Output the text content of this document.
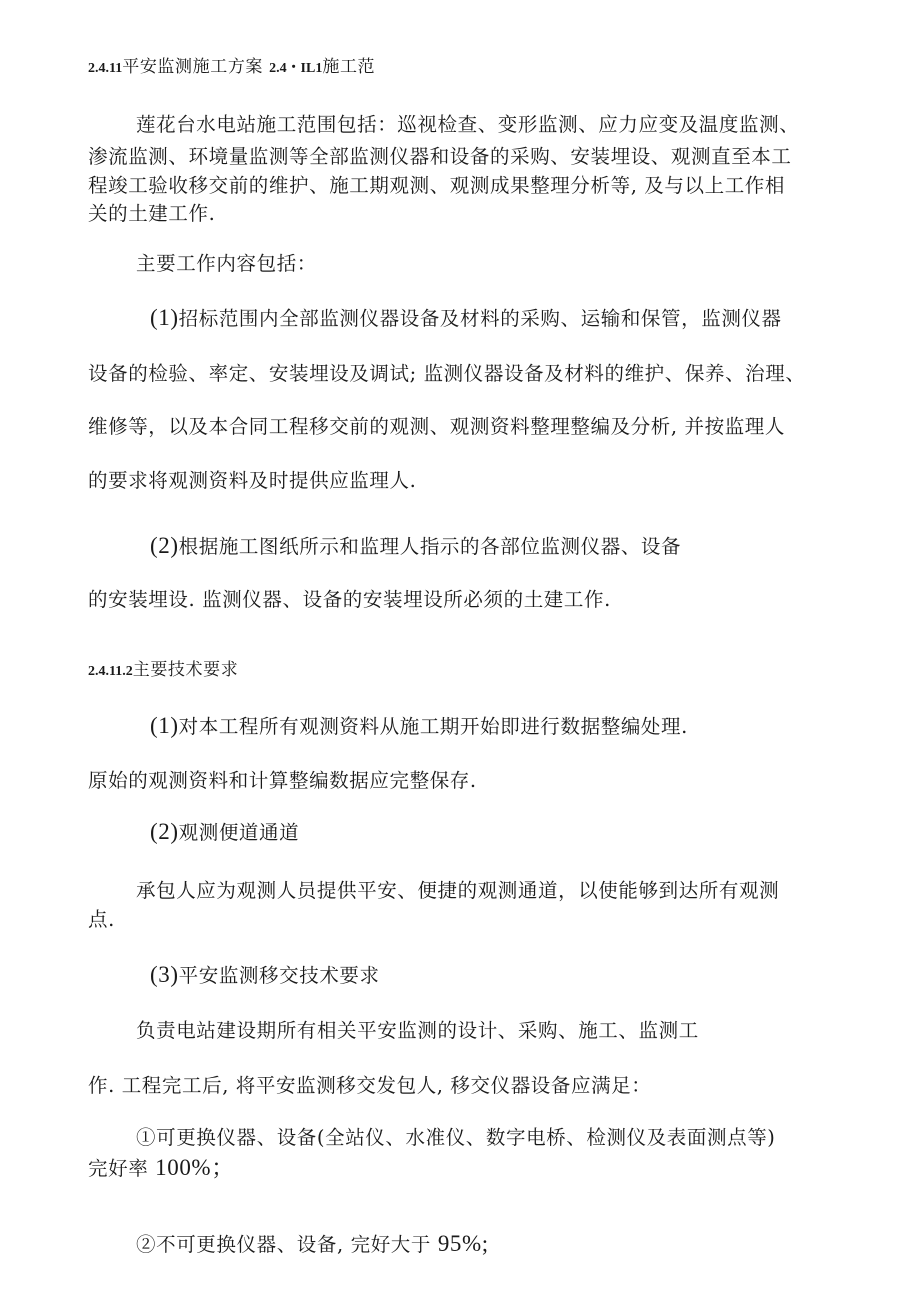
2.4.11平安监测施工方案 2.4・IL1施工范
莲花台水电站施工范围包括：巡视检查、变形监测、应力应变及温度监测、
渗流监测、环境量监测等全部监测仪器和设备的采购、安装埋设、观测直至本工
程竣工验收移交前的维护、施工期观测、观测成果整理分析等, 及与以上工作相
关的土建工作.
主要工作内容包括：
(1)招标范围内全部监测仪器设备及材料的采购、运输和保管，监测仪器
设备的检验、率定、安装埋设及调试; 监测仪器设备及材料的维护、保养、治理、
维修等，以及本合同工程移交前的观测、观测资料整理整编及分析, 并按监理人
的要求将观测资料及时提供应监理人.
(2)根据施工图纸所示和监理人指示的各部位监测仪器、设备
的安装埋设. 监测仪器、设备的安装埋设所必须的土建工作.
2.4.11.2主要技术要求
(1)对本工程所有观测资料从施工期开始即进行数据整编处理.
原始的观测资料和计算整编数据应完整保存.
(2)观测便道通道
承包人应为观测人员提供平安、便捷的观测通道，以使能够到达所有观测
点.
(3)平安监测移交技术要求
负责电站建设期所有相关平安监测的设计、采购、施工、监测工
作. 工程完工后, 将平安监测移交发包人, 移交仪器设备应满足：
①可更换仪器、设备(全站仪、水准仪、数字电桥、检测仪及表面测点等)
完好率 100%；
②不可更换仪器、设备, 完好大于 95%;
